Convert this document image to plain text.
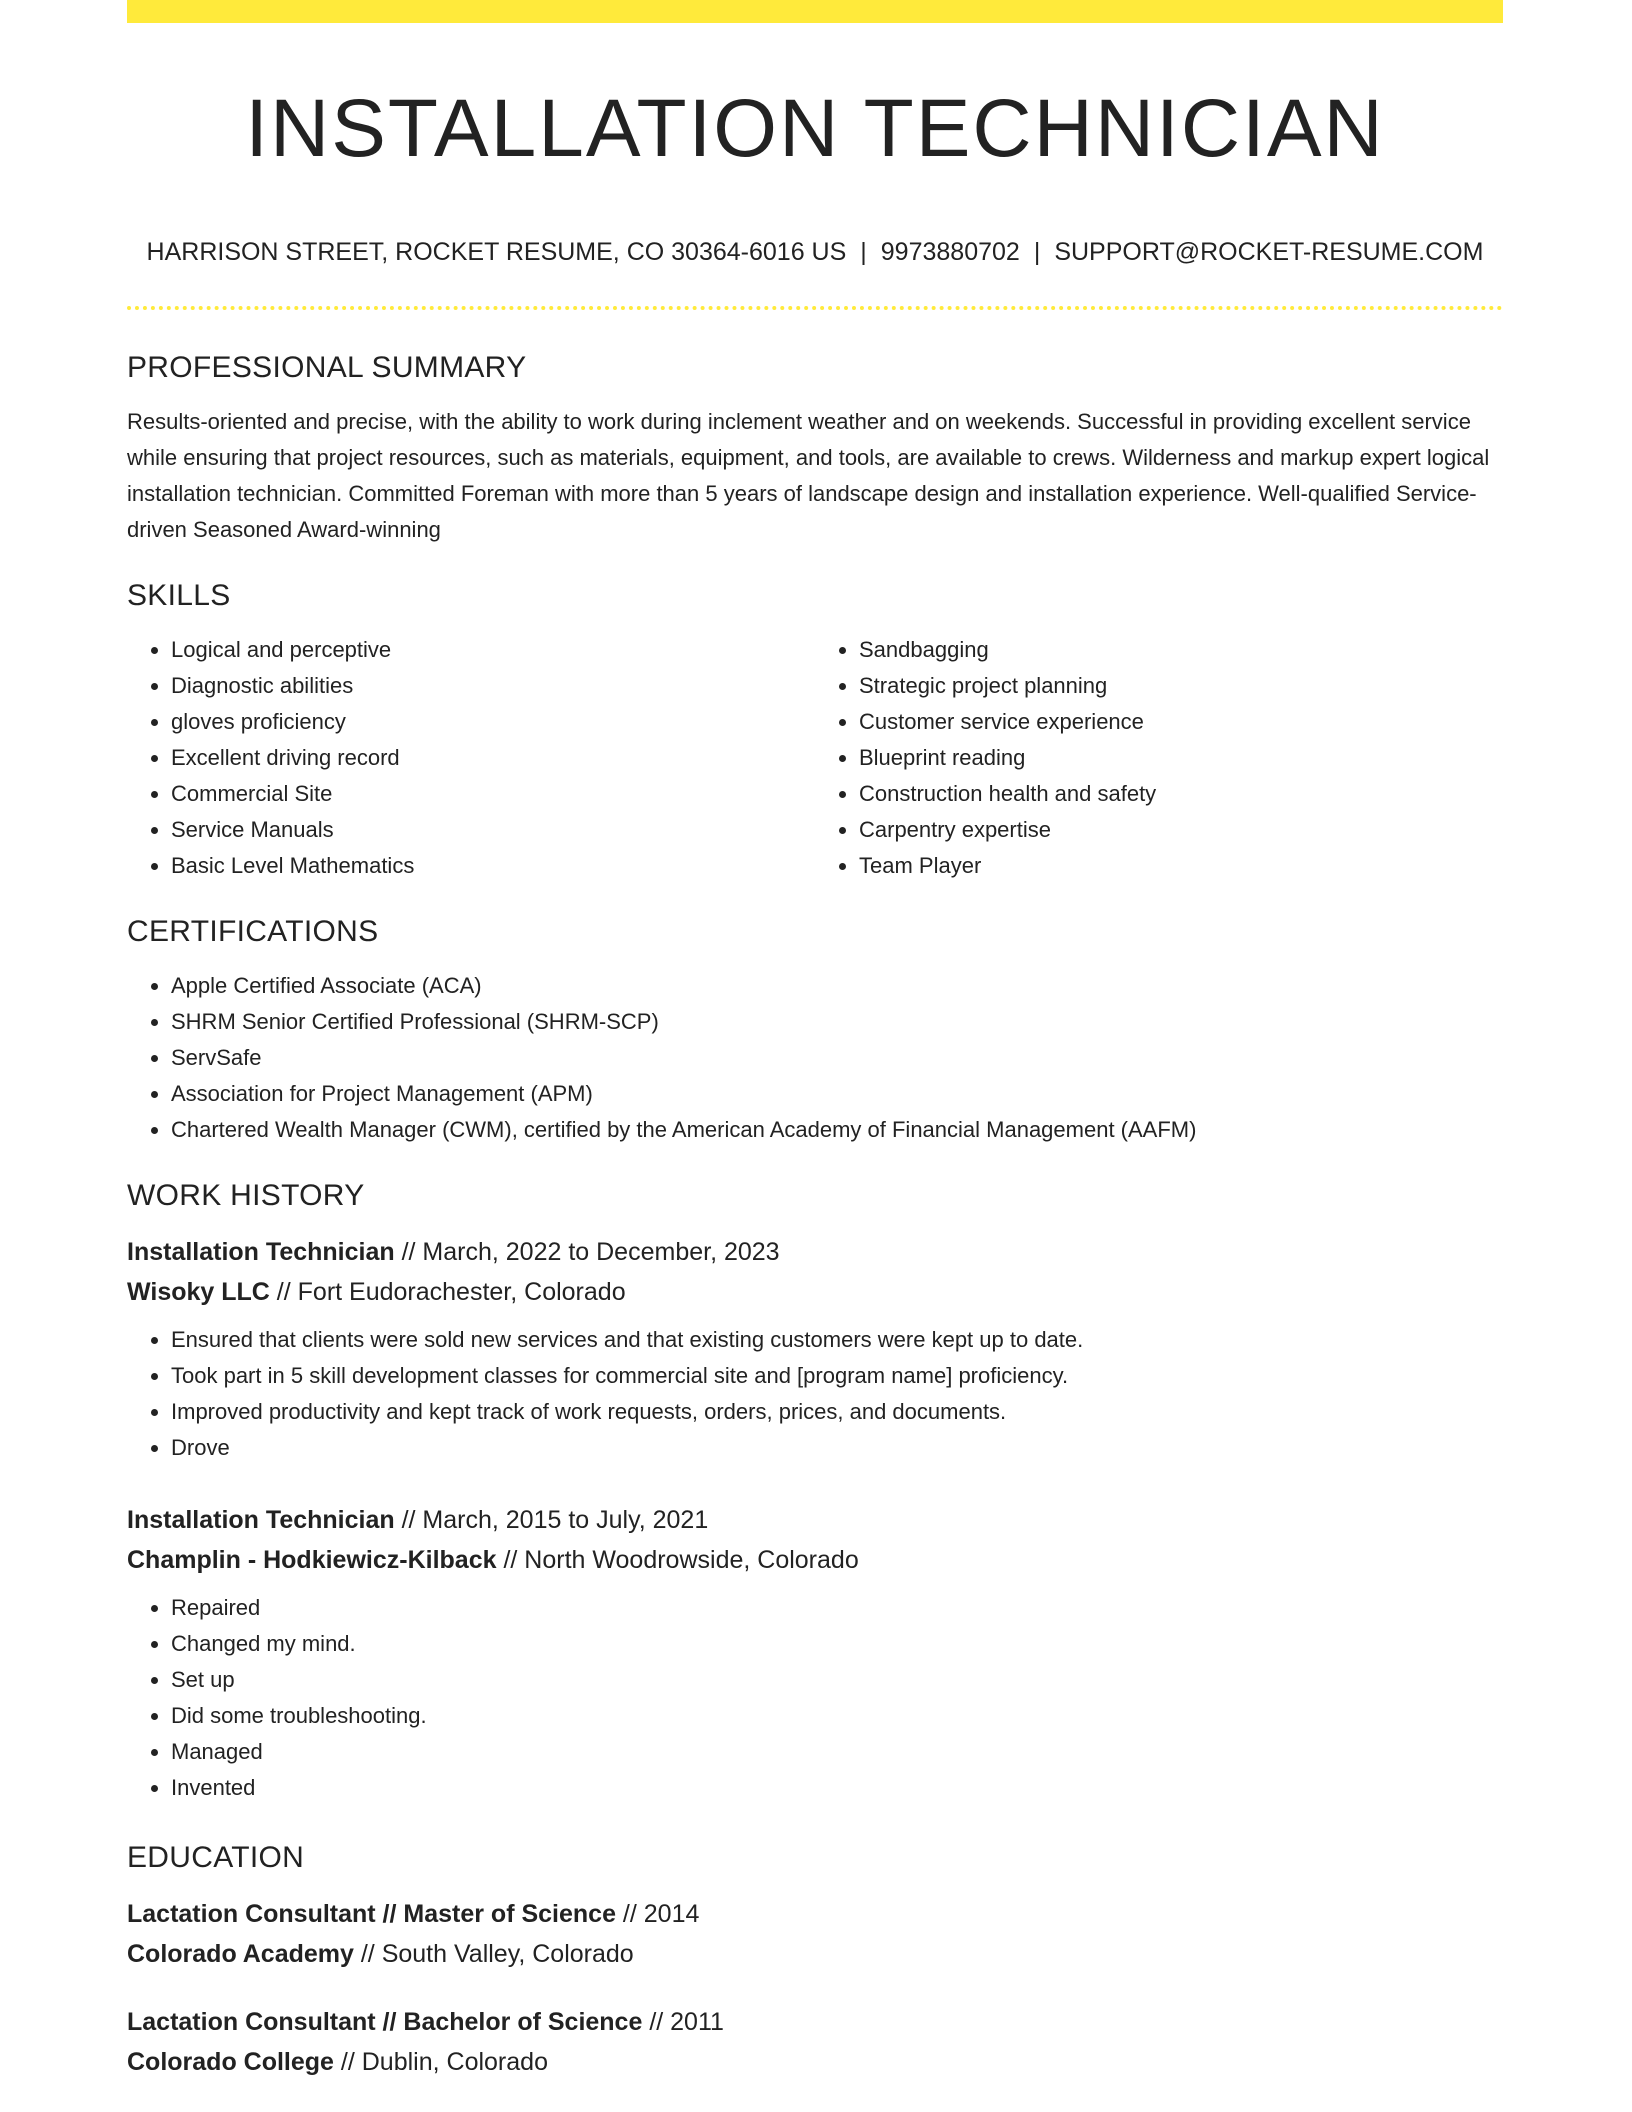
INSTALLATION TECHNICIAN
HARRISON STREET, ROCKET RESUME, CO 30364-6016 US | 9973880702 | SUPPORT@ROCKET-RESUME.COM
PROFESSIONAL SUMMARY

Results-oriented and precise, with the ability to work during inclement weather and on weekends. Successful in providing excellent service while ensuring that project resources, such as materials, equipment, and tools, are available to crews. Wilderness and markup expert logical installation technician. Committed Foreman with more than 5 years of landscape design and installation experience. Well-qualified Service-driven Seasoned Award-winning

SKILLS
• Logical and perceptive
• Diagnostic abilities
• gloves proficiency
• Excellent driving record
• Commercial Site
• Service Manuals
• Basic Level Mathematics
• Sandbagging
• Strategic project planning
• Customer service experience
• Blueprint reading
• Construction health and safety
• Carpentry expertise
• Team Player
CERTIFICATIONS
• Apple Certified Associate (ACA)
• SHRM Senior Certified Professional (SHRM-SCP)
• ServSafe
• Association for Project Management (APM)
• Chartered Wealth Manager (CWM), certified by the American Academy of Financial Management (AAFM)
WORK HISTORY
Installation Technician // March, 2022 to December, 2023
Wisoky LLC // Fort Eudorachester, Colorado
• Ensured that clients were sold new services and that existing customers were kept up to date.
• Took part in 5 skill development classes for commercial site and [program name] proficiency.
• Improved productivity and kept track of work requests, orders, prices, and documents.
• Drove
Installation Technician // March, 2015 to July, 2021
Champlin - Hodkiewicz-Kilback // North Woodrowside, Colorado
• Repaired
• Changed my mind.
• Set up
• Did some troubleshooting.
• Managed
• Invented
EDUCATION
Lactation Consultant // Master of Science // 2014
Colorado Academy // South Valley, Colorado
Lactation Consultant // Bachelor of Science // 2011
Colorado College // Dublin, Colorado
